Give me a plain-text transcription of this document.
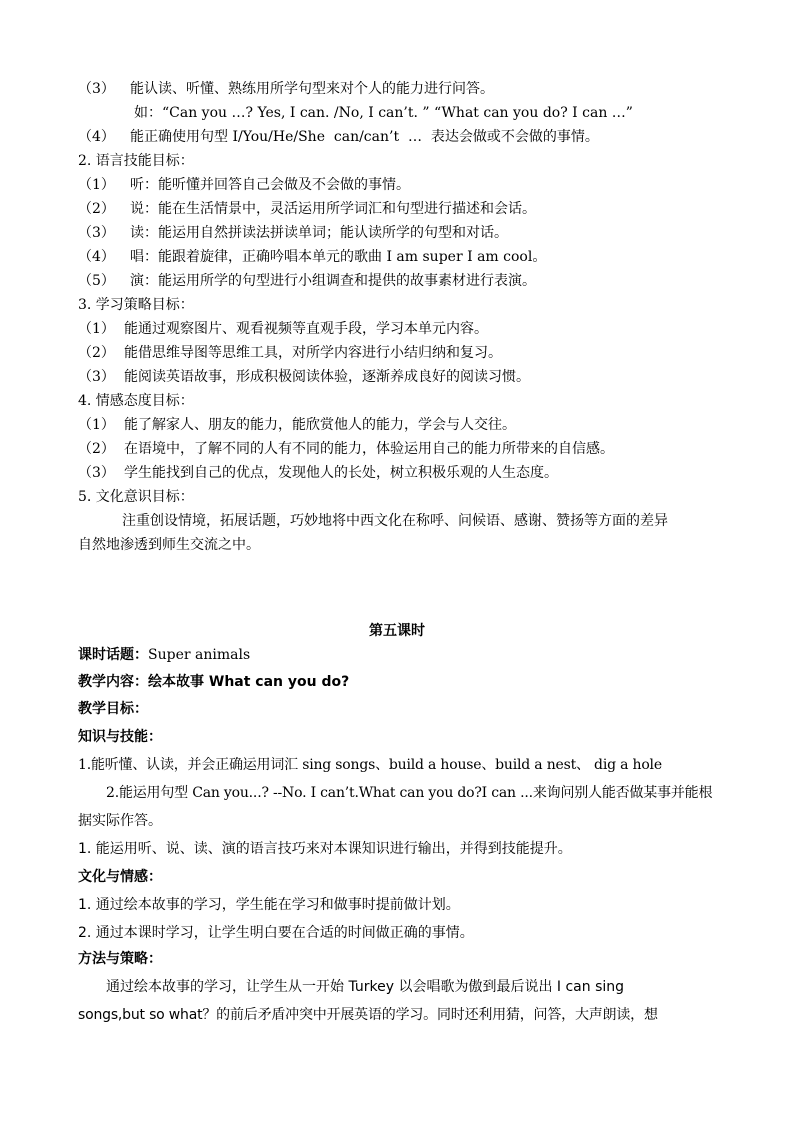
（3） 能认读、听懂、熟练用所学句型来对个人的能力进行问答。
如：“Can you …? Yes, I can. /No, I can’t. ” “What can you do? I can …”
（4） 能正确使用句型 I/You/He/She  can/can’t  …  表达会做或不会做的事情。
2. 语言技能目标：
（1） 听：能听懂并回答自己会做及不会做的事情。
（2） 说：能在生活情景中，灵活运用所学词汇和句型进行描述和会话。
（3） 读：能运用自然拼读法拼读单词；能认读所学的句型和对话。
（4） 唱：能跟着旋律，正确吟唱本单元的歌曲 I am super I am cool。
（5） 演：能运用所学的句型进行小组调查和提供的故事素材进行表演。
3. 学习策略目标：
（1） 能通过观察图片、观看视频等直观手段，学习本单元内容。
（2） 能借思维导图等思维工具，对所学内容进行小结归纳和复习。
（3） 能阅读英语故事，形成积极阅读体验，逐渐养成良好的阅读习惯。
4. 情感态度目标：
（1） 能了解家人、朋友的能力，能欣赏他人的能力，学会与人交往。
（2） 在语境中，了解不同的人有不同的能力，体验运用自己的能力所带来的自信感。
（3） 学生能找到自己的优点，发现他人的长处，树立积极乐观的人生态度。
5. 文化意识目标：
注重创设情境，拓展话题，巧妙地将中西文化在称呼、问候语、感谢、赞扬等方面的差异
自然地渗透到师生交流之中。
第五课时
课时话题：Super animals
教学内容：绘本故事 What can you do?
教学目标：
知识与技能：
1.能听懂、认读，并会正确运用词汇 sing songs、build a house、build a nest、 dig a hole
2.能运用句型 Can you...? --No. I can’t.What can you do?I can ...来询问别人能否做某事并能根
据实际作答。
1. 能运用听、说、读、演的语言技巧来对本课知识进行输出，并得到技能提升。
文化与情感：
1. 通过绘本故事的学习，学生能在学习和做事时提前做计划。
2. 通过本课时学习，让学生明白要在合适的时间做正确的事情。
方法与策略：
通过绘本故事的学习，让学生从一开始 Turkey 以会唱歌为傲到最后说出 I can sing
songs,but so what？的前后矛盾冲突中开展英语的学习。同时还利用猜，问答，大声朗读，想
